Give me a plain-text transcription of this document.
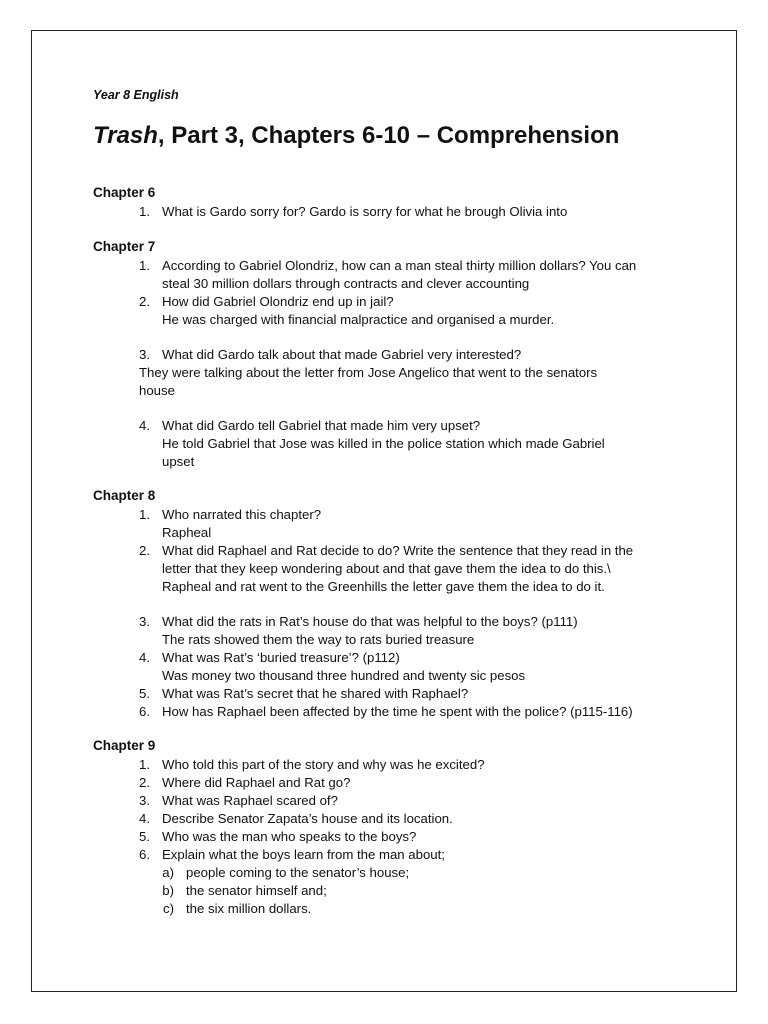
Year 8 English
Trash, Part 3, Chapters 6-10 – Comprehension
Chapter 6
1. What is Gardo sorry for? Gardo is sorry for what he brough Olivia into
Chapter 7
1. According to Gabriel Olondriz, how can a man steal thirty million dollars? You can
steal 30 million dollars through contracts and clever accounting
2. How did Gabriel Olondriz end up in jail?
He was charged with financial malpractice and organised a murder.
3. What did Gardo talk about that made Gabriel very interested?
They were talking about the letter from Jose Angelico that went to the senators
house
4. What did Gardo tell Gabriel that made him very upset?
He told Gabriel that Jose was killed in the police station which made Gabriel
upset
Chapter 8
1. Who narrated this chapter?
Rapheal
2. What did Raphael and Rat decide to do? Write the sentence that they read in the
letter that they keep wondering about and that gave them the idea to do this.\
Rapheal and rat went to the Greenhills the letter gave them the idea to do it.
3. What did the rats in Rat’s house do that was helpful to the boys? (p111)
The rats showed them the way to rats buried treasure
4. What was Rat’s ‘buried treasure’? (p112)
Was money two thousand three hundred and twenty sic pesos
5. What was Rat’s secret that he shared with Raphael?
6. How has Raphael been affected by the time he spent with the police? (p115-116)
Chapter 9
1. Who told this part of the story and why was he excited?
2. Where did Raphael and Rat go?
3. What was Raphael scared of?
4. Describe Senator Zapata’s house and its location.
5. Who was the man who speaks to the boys?
6. Explain what the boys learn from the man about;
a) people coming to the senator’s house;
b) the senator himself and;
c) the six million dollars.
